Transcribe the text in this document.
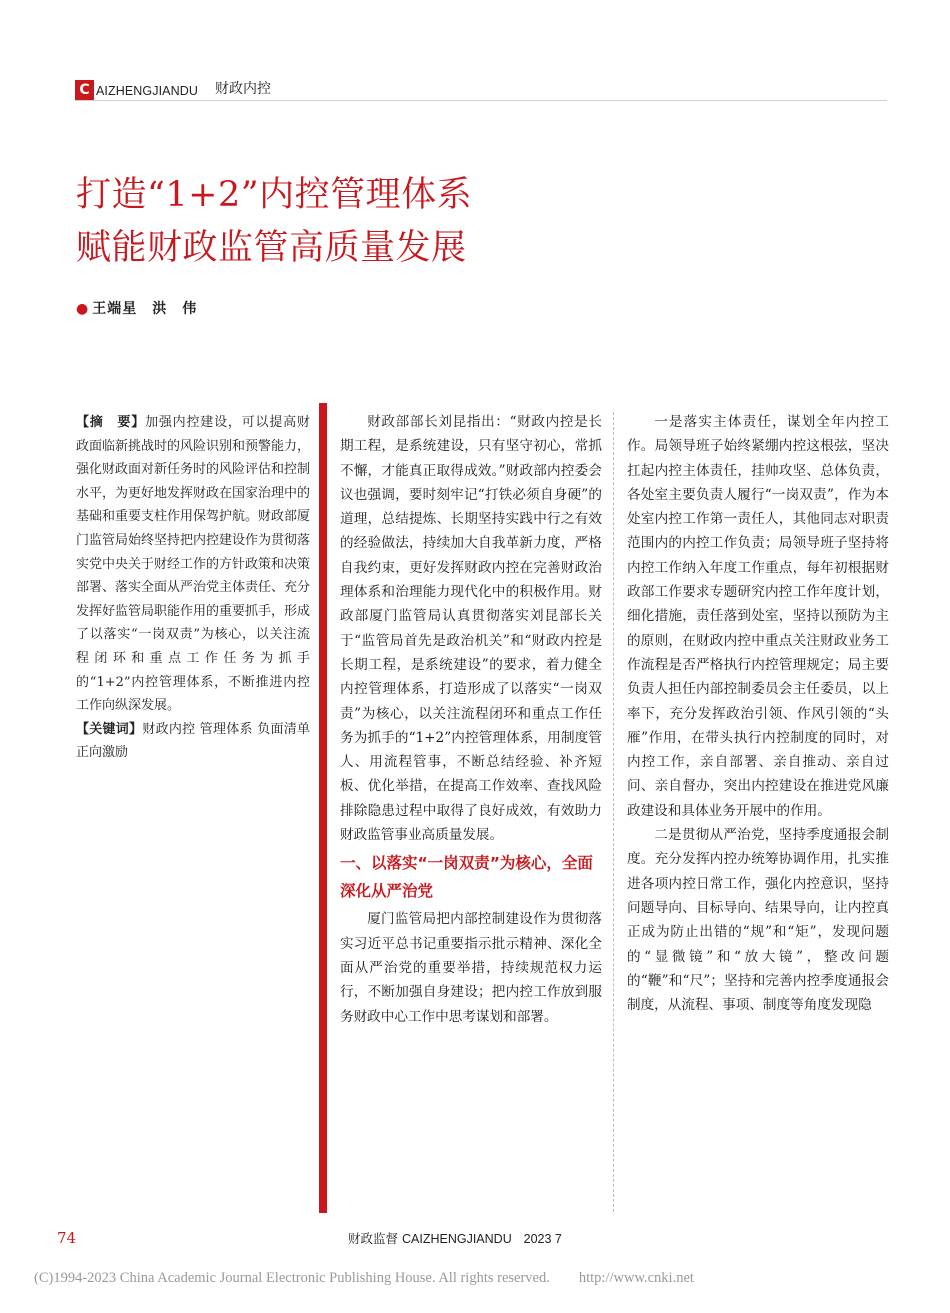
C AIZHENGJIANDU 财政内控
打造“1+2”内控管理体系
赋能财政监管高质量发展
● 王端星　洪　伟

【摘　要】加强内控建设，可以提高财政面临新挑战时的风险识别和预警能力，强化财政面对新任务时的风险评估和控制水平，为更好地发挥财政在国家治理中的基础和重要支柱作用保驾护航。财政部厦门监管局始终坚持把内控建设作为贯彻落实党中央关于财经工作的方针政策和决策部署、落实全面从严治党主体责任、充分发挥好监管局职能作用的重要抓手，形成了以落实“一岗双责”为核心，以关注流程闭环和重点工作任务为抓手的“1+2”内控管理体系，不断推进内控工作向纵深发展。

【关键词】财政内控 管理体系 负面清单 正向激励

财政部部长刘昆指出：“财政内控是长期工程，是系统建设，只有坚守初心，常抓不懈，才能真正取得成效。”财政部内控委会议也强调，要时刻牢记“打铁必须自身硬”的道理，总结提炼、长期坚持实践中行之有效的经验做法，持续加大自我革新力度，严格自我约束，更好发挥财政内控在完善财政治理体系和治理能力现代化中的积极作用。财政部厦门监管局认真贯彻落实刘昆部长关于“监管局首先是政治机关”和“财政内控是长期工程，是系统建设”的要求，着力健全内控管理体系，打造形成了以落实“一岗双责”为核心，以关注流程闭环和重点工作任务为抓手的“1+2”内控管理体系，用制度管人、用流程管事，不断总结经验、补齐短板、优化举措，在提高工作效率、查找风险排除隐患过程中取得了良好成效，有效助力财政监管事业高质量发展。

一、以落实“一岗双责”为核心，全面深化从严治党

厦门监管局把内部控制建设作为贯彻落实习近平总书记重要指示批示精神、深化全面从严治党的重要举措，持续规范权力运行，不断加强自身建设；把内控工作放到服务财政中心工作中思考谋划和部署。

一是落实主体责任，谋划全年内控工作。局领导班子始终紧绷内控这根弦，坚决扛起内控主体责任，挂帅攻坚、总体负责，各处室主要负责人履行“一岗双责”，作为本处室内控工作第一责任人，其他同志对职责范围内的内控工作负责；局领导班子坚持将内控工作纳入年度工作重点，每年初根据财政部工作要求专题研究内控工作年度计划，细化措施，责任落到处室，坚持以预防为主的原则，在财政内控中重点关注财政业务工作流程是否严格执行内控管理规定；局主要负责人担任内部控制委员会主任委员，以上率下，充分发挥政治引领、作风引领的“头雁”作用，在带头执行内控制度的同时，对内控工作，亲自部署、亲自推动、亲自过问、亲自督办，突出内控建设在推进党风廉政建设和具体业务开展中的作用。

二是贯彻从严治党，坚持季度通报会制度。充分发挥内控办统筹协调作用，扎实推进各项内控日常工作，强化内控意识，坚持问题导向、目标导向、结果导向，让内控真正成为防止出错的“规”和“矩”，发现问题的“显微镜”和“放大镜”，整改问题的“鞭”和“尺”；坚持和完善内控季度通报会制度，从流程、事项、制度等角度发现隐

74	财政监督 CAIZHENGJIANDU 2023 7
(C)1994-2023 China Academic Journal Electronic Publishing House. All rights reserved.　　http://www.cnki.net
